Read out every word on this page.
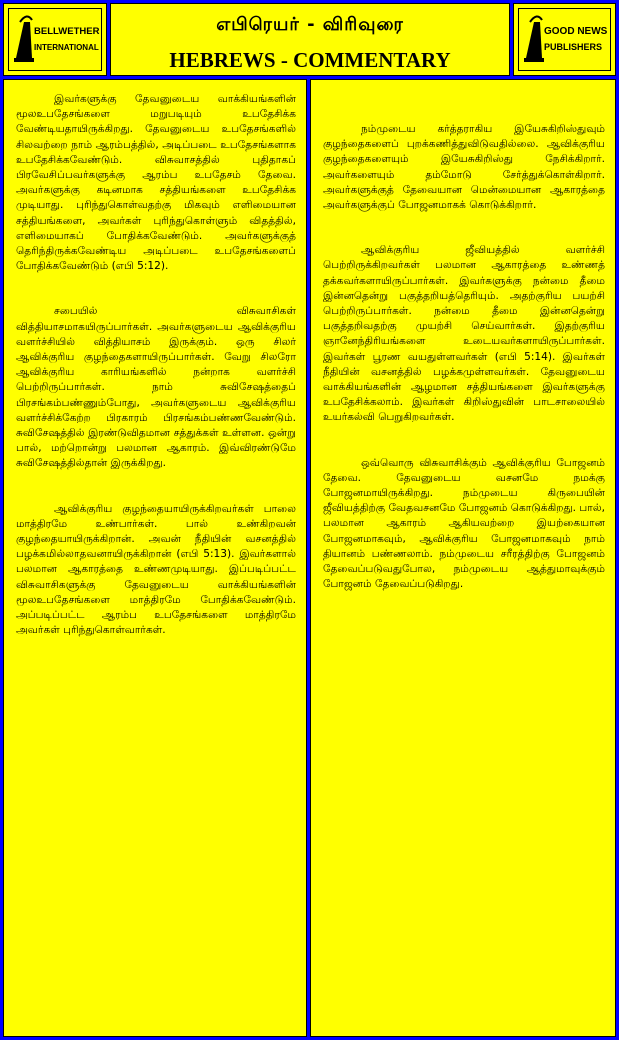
BELLWETHER
INTERNATIONAL
எபிரெயர் - விரிவுரை
HEBREWS - COMMENTARY
GOOD NEWS
PUBLISHERS

இவர்களுக்கு தேவனுடைய வாக்கியங்களின் மூலஉபதேசங்களை மறுபடியும் உபதேசிக்க வேண்டியதாயிருக்கிறது. தேவனுடைய உபதேசங்களில் சிலவற்றை நாம் ஆரம்பத்தில், அடிப்படை உபதேசங்களாக உபதேசிக்கவேண்டும். விசுவாசத்தில் புதிதாகப் பிரவேசிப்பவர்களுக்கு ஆரம்ப உபதேசம் தேவை. அவர்களுக்கு கடினமாக சத்தியங்களை உபதேசிக்க முடியாது. புரிந்துகொள்வதற்கு மிகவும் எளிமையான சத்தியங்களை, அவர்கள் புரிந்துகொள்ளும் விதத்தில், எளிமையாகப் போதிக்கவேண்டும். அவர்களுக்குத் தெரிந்திருக்கவேண்டிய அடிப்படை உபதேசங்களைப் போதிக்கவேண்டும் (எபி 5:12).

சபையில் விசுவாசிகள் வித்தியாசமாகயிருப்பார்கள். அவர்களுடைய ஆவிக்குரிய வளர்ச்சியில் வித்தியாசம் இருக்கும். ஒரு சிலர் ஆவிக்குரிய குழந்தைகளாயிருப்பார்கள். வேறு சிலரோ ஆவிக்குரிய காரியங்களில் நன்றாக வளர்ச்சி பெற்றிருப்பார்கள். நாம் சுவிசேஷத்தைப் பிரசங்கம்பண்ணும்போது, அவர்களுடைய ஆவிக்குரிய வளர்ச்சிக்கேற்ற பிரகாரம் பிரசங்கம்பண்ணவேண்டும். சுவிசேஷத்தில் இரண்டுவிதமான சத்துக்கள் உள்ளன. ஒன்று பால், மற்றொன்று பலமான ஆகாரம். இவ்விரண்டுமே சுவிசேஷத்தில்தான் இருக்கிறது.

ஆவிக்குரிய குழந்தையாயிருக்கிறவர்கள் பாலை மாத்திரமே உண்பார்கள். பால் உண்கிறவன் குழந்தையாயிருக்கிறான். அவன் நீதியின் வசனத்தில் பழக்கமில்லாதவனாயிருக்கிறான் (எபி 5:13). இவர்களால் பலமான ஆகாரத்தை உண்ணமுடியாது. இப்படிப்பட்ட விசுவாசிகளுக்கு தேவனுடைய வாக்கியங்களின் மூலஉபதேசங்களை மாத்திரமே போதிக்கவேண்டும். அப்படிப்பட்ட ஆரம்ப உபதேசங்களை மாத்திரமே அவர்கள் புரிந்துகொள்வார்கள்.

நம்முடைய கர்த்தராகிய இயேசுகிறிஸ்துவும் குழந்தைகளைப் புறக்கணித்துவிடுவதில்லை. ஆவிக்குரிய குழந்தைகளையும் இயேசுகிறிஸ்து நேசிக்கிறார். அவர்களையும் தம்மோடு சேர்த்துக்கொள்கிறார். அவர்களுக்குத் தேவையான மென்மையான ஆகாரத்தை அவர்களுக்குப் போஜனமாகக் கொடுக்கிறார்.

ஆவிக்குரிய ஜீவியத்தில் வளர்ச்சி பெற்றிருக்கிறவர்கள் பலமான ஆகாரத்தை உண்ணத் தக்கவர்களாயிருப்பார்கள். இவர்களுக்கு நன்மை தீமை இன்னதென்று பகுத்தறியத்தெரியும். அதற்குரிய பயற்சி பெற்றிருப்பார்கள். நன்மை தீமை இன்னதென்று பகுத்தறிவதற்கு முயற்சி செய்வார்கள். இதற்குரிய ஞானேந்திரியங்களை உடையவர்களாயிருப்பார்கள். இவர்கள் பூரண வயதுள்ளவர்கள் (எபி 5:14). இவர்கள் நீதியின் வசனத்தில் பழக்கமுள்ளவர்கள். தேவனுடைய வாக்கியங்களின் ஆழமான சத்தியங்களை இவர்களுக்கு உபதேசிக்கலாம். இவர்கள் கிறிஸ்துவின் பாடசாலையில் உயர்கல்வி பெறுகிறவர்கள்.

ஒவ்வொரு விசுவாசிக்கும் ஆவிக்குரிய போஜனம் தேவை. தேவனுடைய வசனமே நமக்கு போஜனமாயிருக்கிறது. நம்முடைய கிருபையின் ஜீவியத்திற்கு வேதவசனமே போஜனம் கொடுக்கிறது. பால், பலமான ஆகாரம் ஆகியவற்றை இயற்கையான போஜனமாகவும், ஆவிக்குரிய போஜனமாகவும் நாம் தியானம் பண்ணலாம். நம்முடைய சரீரத்திற்கு போஜனம் தேவைப்படுவதுபோல, நம்முடைய ஆத்துமாவுக்கும் போஜனம் தேவைப்படுகிறது.
